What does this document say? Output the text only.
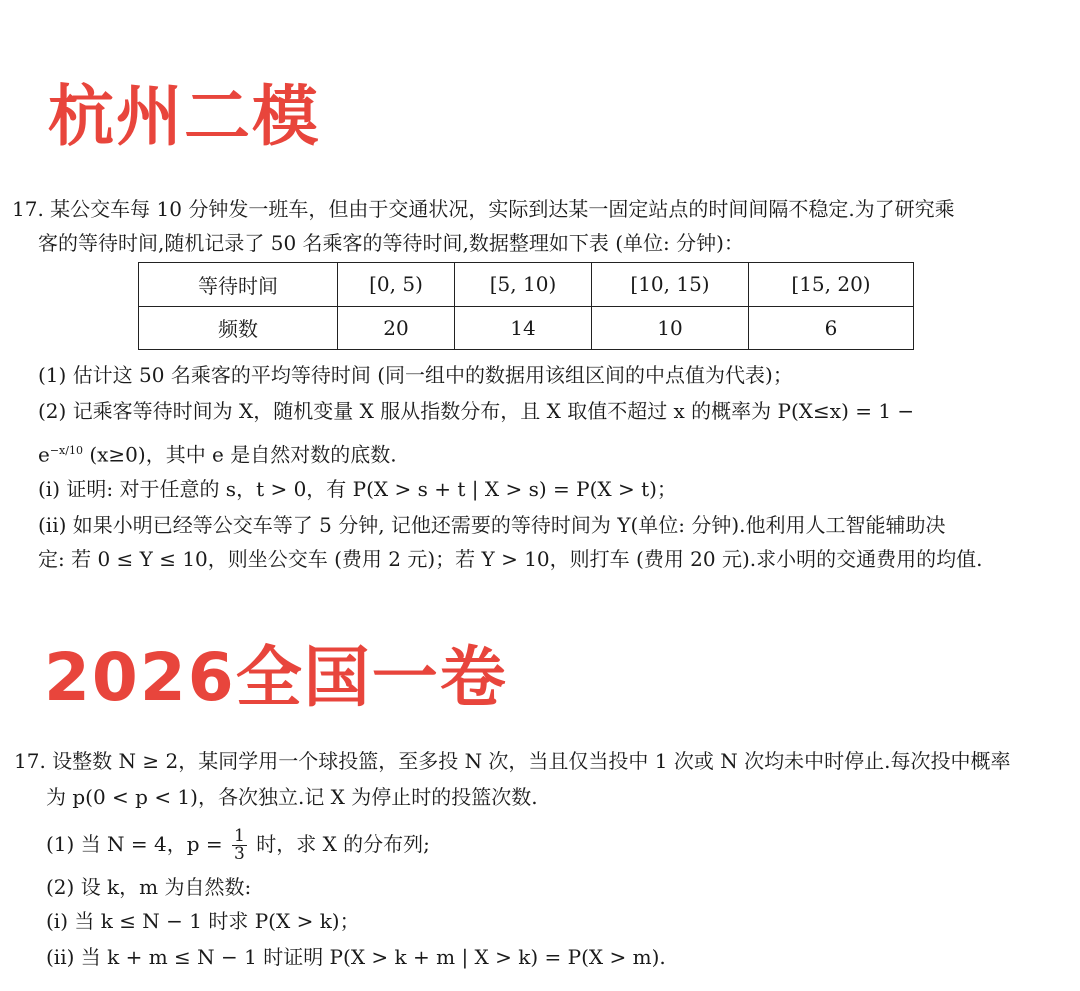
杭州二模
17. 某公交车每 10 分钟发一班车，但由于交通状况，实际到达某一固定站点的时间间隔不稳定.为了研究乘
客的等待时间,随机记录了 50 名乘客的等待时间,数据整理如下表 (单位: 分钟)：
等待时间	[0, 5)	[5, 10)	[10, 15)	[15, 20)
频数	20	14	10	6
(1) 估计这 50 名乘客的平均等待时间 (同一组中的数据用该组区间的中点值为代表)；
(2) 记乘客等待时间为 X，随机变量 X 服从指数分布，且 X 取值不超过 x 的概率为 P(X≤x) = 1 −
$e^{-x/10}$ (x≥0)，其中 e 是自然对数的底数.
(i) 证明: 对于任意的 s，t > 0，有 P(X > s + t | X > s) = P(X > t)；
(ii) 如果小明已经等公交车等了 5 分钟, 记他还需要的等待时间为 Y(单位: 分钟).他利用人工智能辅助决
定: 若 0 ≤ Y ≤ 10，则坐公交车 (费用 2 元)；若 Y > 10，则打车 (费用 20 元).求小明的交通费用的均值.
2026全国一卷
17. 设整数 N ≥ 2，某同学用一个球投篮，至多投 N 次，当且仅当投中 1 次或 N 次均未中时停止.每次投中概率
为 p(0 < p < 1)，各次独立.记 X 为停止时的投篮次数.
(1) 当 N = 4，$p = \frac{1}{3}$ 时，求 X 的分布列;
(2) 设 k，m 为自然数:
(i) 当 k ≤ N − 1 时求 P(X > k)；
(ii) 当 k + m ≤ N − 1 时证明 P(X > k + m | X > k) = P(X > m).
